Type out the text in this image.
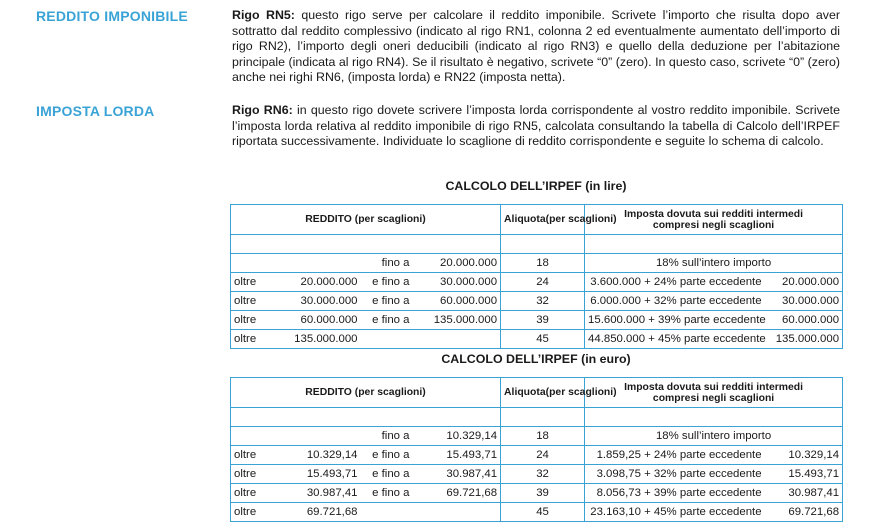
REDDITO IMPONIBILE	Rigo RN5: questo rigo serve per calcolare il reddito imponibile. Scrivete l’importo che risulta dopo aver sottratto dal reddito complessivo (indicato al rigo RN1, colonna 2 ed eventualmente aumentato dell’importo di rigo RN2), l’importo degli oneri deducibili (indicato al rigo RN3) e quello della deduzione per l’abitazione principale (indicata al rigo RN4). Se il risultato è negativo, scrivete “0” (zero). In questo caso, scrivete “0” (zero) anche nei righi RN6, (imposta lorda) e RN22 (imposta netta).

IMPOSTA LORDA	Rigo RN6: in questo rigo dovete scrivere l’imposta lorda corrispondente al vostro reddito imponibile. Scrivete l’imposta lorda relativa al reddito imponibile di rigo RN5, calcolata consultando la tabella di Calcolo dell’IRPEF riportata successivamente. Individuate lo scaglione di reddito corrispondente e seguite lo schema di calcolo.

CALCOLO DELL’IRPEF (in lire)
REDDITO (per scaglioni)				Aliquota(per scaglioni)	Imposta dovuta sui redditi intermedi
compresi negli scaglioni	

		fino a	20.000.000	18	18% sull’intero importo	
oltre	20.000.000	e fino a	30.000.000	24	3.600.000 + 24% parte eccedente	20.000.000
oltre	30.000.000	e fino a	60.000.000	32	6.000.000 + 32% parte eccedente	30.000.000
oltre	60.000.000	e fino a	135.000.000	39	15.600.000 + 39% parte eccedente	60.000.000
oltre	135.000.000			45	44.850.000 + 45% parte eccedente	135.000.000
CALCOLO DELL’IRPEF (in euro)
REDDITO (per scaglioni)				Aliquota(per scaglioni)	Imposta dovuta sui redditi intermedi
compresi negli scaglioni	

		fino a	10.329,14	18	18% sull’intero importo	
oltre	10.329,14	e fino a	15.493,71	24	1.859,25 + 24% parte eccedente	10.329,14
oltre	15.493,71	e fino a	30.987,41	32	3.098,75 + 32% parte eccedente	15.493,71
oltre	30.987,41	e fino a	69.721,68	39	8.056,73 + 39% parte eccedente	30.987,41
oltre	69.721,68			45	23.163,10 + 45% parte eccedente	69.721,68
